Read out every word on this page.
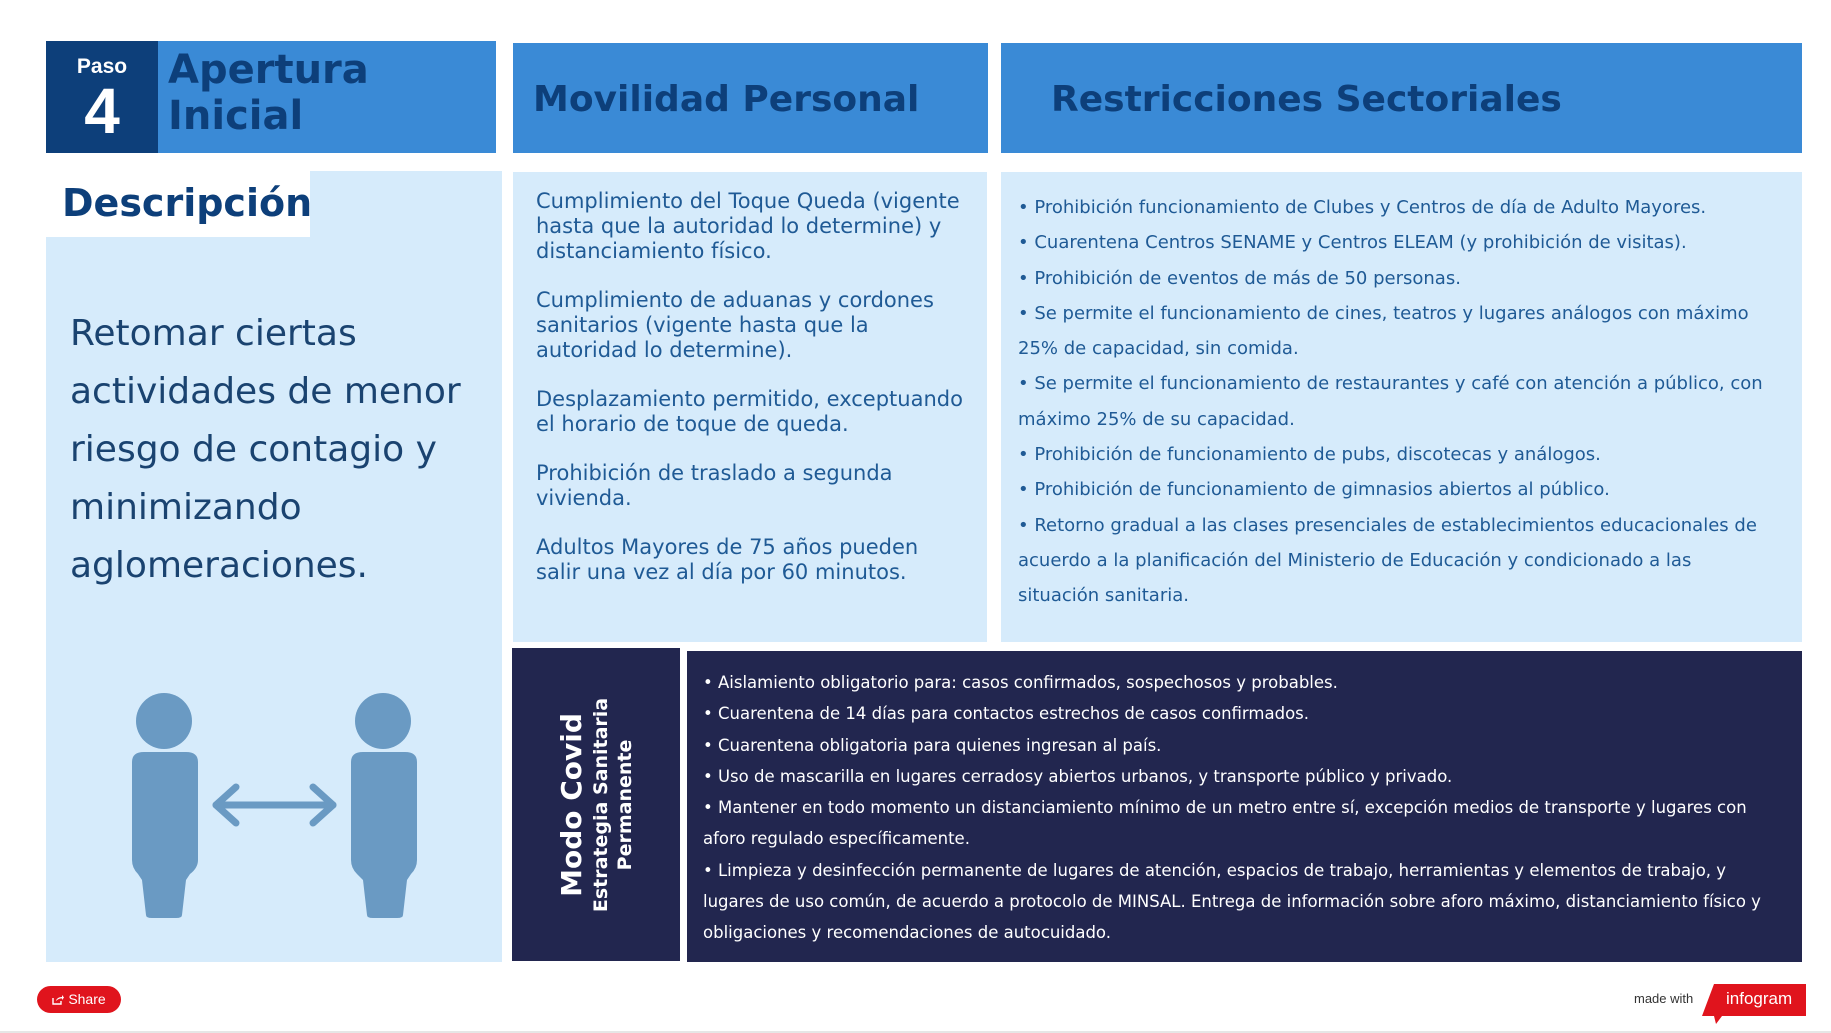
Paso
4
Apertura
Inicial	Movilidad Personal	Restricciones Sectoriales
Descripción
Retomar ciertas actividades de menor riesgo de contagio y minimizando aglomeraciones.
Cumplimiento del Toque Queda (vigente hasta que la autoridad lo determine) y distanciamiento físico.
Cumplimiento de aduanas y cordones sanitarios (vigente hasta que la autoridad lo determine).
Desplazamiento permitido, exceptuando el horario de toque de queda.
Prohibición de traslado a segunda vivienda.
Adultos Mayores de 75 años pueden salir una vez al día por 60 minutos.
• Prohibición funcionamiento de Clubes y Centros de día de Adulto Mayores.
• Cuarentena Centros SENAME y Centros ELEAM (y prohibición de visitas).
• Prohibición de eventos de más de 50 personas.
• Se permite el funcionamiento de cines, teatros y lugares análogos con máximo 25% de capacidad, sin comida.
• Se permite el funcionamiento de restaurantes y café con atención a público, con máximo 25% de su capacidad.
• Prohibición de funcionamiento de pubs, discotecas y análogos.
• Prohibición de funcionamiento de gimnasios abiertos al público.
• Retorno gradual a las clases presenciales de establecimientos educacionales de acuerdo a la planificación del Ministerio de Educación y condicionado a las situación sanitaria.
Modo Covid Estrategia Sanitaria Permanente
• Aislamiento obligatorio para: casos confirmados, sospechosos y probables.
• Cuarentena de 14 días para contactos estrechos de casos confirmados.
• Cuarentena obligatoria para quienes ingresan al país.
• Uso de mascarilla en lugares cerradosy abiertos urbanos, y transporte público y privado.
• Mantener en todo momento un distanciamiento mínimo de un metro entre sí, excepción medios de transporte y lugares con aforo regulado específicamente.
• Limpieza y desinfección permanente de lugares de atención, espacios de trabajo, herramientas y elementos de trabajo, y lugares de uso común, de acuerdo a protocolo de MINSAL. Entrega de información sobre aforo máximo, distanciamiento físico y obligaciones y recomendaciones de autocuidado.
Share	made with infogram
